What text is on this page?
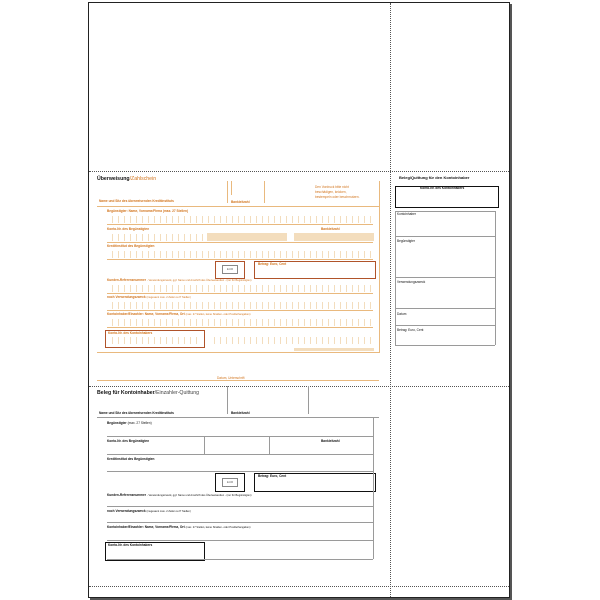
Überweisung/Zahlschein
Name und Sitz des überweisenden Kreditinstituts	Bankleitzahl
Den Vordruck bitte nicht
beschädigen, knicken,
bestempeln oder beschmutzen.
Begünstigter: Name, Vorname/Firma (max. 27 Stellen)
Konto-Nr. des Begünstigten	Bankleitzahl
Kreditinstitut des Begünstigten
EUR
Betrag: Euro, Cent
Kunden-Referenznummer - Verwendungszweck, ggf. Name und Anschrift des Überweisenden - (nur für Begünstigten)
noch Verwendungszweck (insgesamt max. 2 Zeilen à 27 Stellen)
Kontoinhaber/Einzahler: Name, Vorname/Firma, Ort (max. 27 Stellen, keine Straßen- oder Postfachangaben)
Konto-Nr. des Kontoinhabers
Datum, Unterschrift
Beleg/Quittung für den Kontoinhaber
Konto-Nr. des Kontoinhabers
Kontoinhaber
Begünstigter
Verwendungszweck
Datum
Betrag: Euro, Cent
Beleg für Kontoinhaber/Einzahler-Quittung
Name und Sitz des überweisenden Kreditinstituts	Bankleitzahl
Begünstigter (max. 27 Stellen)
Konto-Nr. des Begünstigten	Bankleitzahl
Kreditinstitut des Begünstigten
EUR
Betrag: Euro, Cent
Kunden-Referenznummer - Verwendungszweck, ggf. Name und Anschrift des Überweisenden - (nur für Begünstigten)
noch Verwendungszweck (insgesamt max. 2 Zeilen à 27 Stellen)
Kontoinhaber/Einzahler: Name, Vorname/Firma, Ort (max. 27 Stellen, keine Straßen- oder Postfachangaben)
Konto-Nr. des Kontoinhabers
